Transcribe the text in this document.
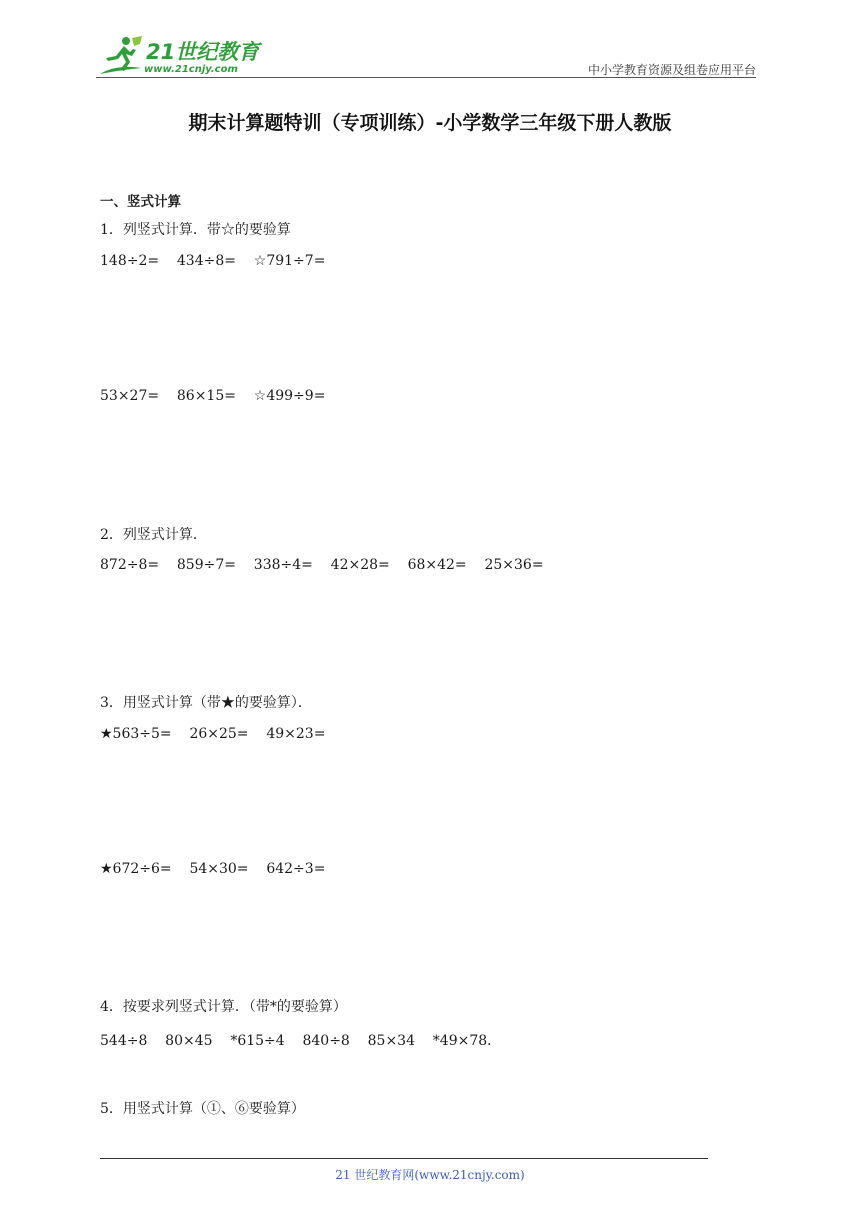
21世纪教育
www.21cnjy.com	中小学教育资源及组卷应用平台
期末计算题特训（专项训练）-小学数学三年级下册人教版
一、竖式计算
1．列竖式计算．带☆的要验算
148÷2=    434÷8=    ☆791÷7=
53×27=    86×15=    ☆499÷9=
2．列竖式计算．
872÷8=    859÷7=    338÷4=    42×28=    68×42=    25×36=
3．用竖式计算（带★的要验算）．
★563÷5=    26×25=    49×23=
★672÷6=    54×30=    642÷3=
4．按要求列竖式计算．（带*的要验算）
544÷8    80×45    *615÷4    840÷8    85×34    *49×78．
5．用竖式计算（①、⑥要验算）
21 世纪教育网(www.21cnjy.com)
